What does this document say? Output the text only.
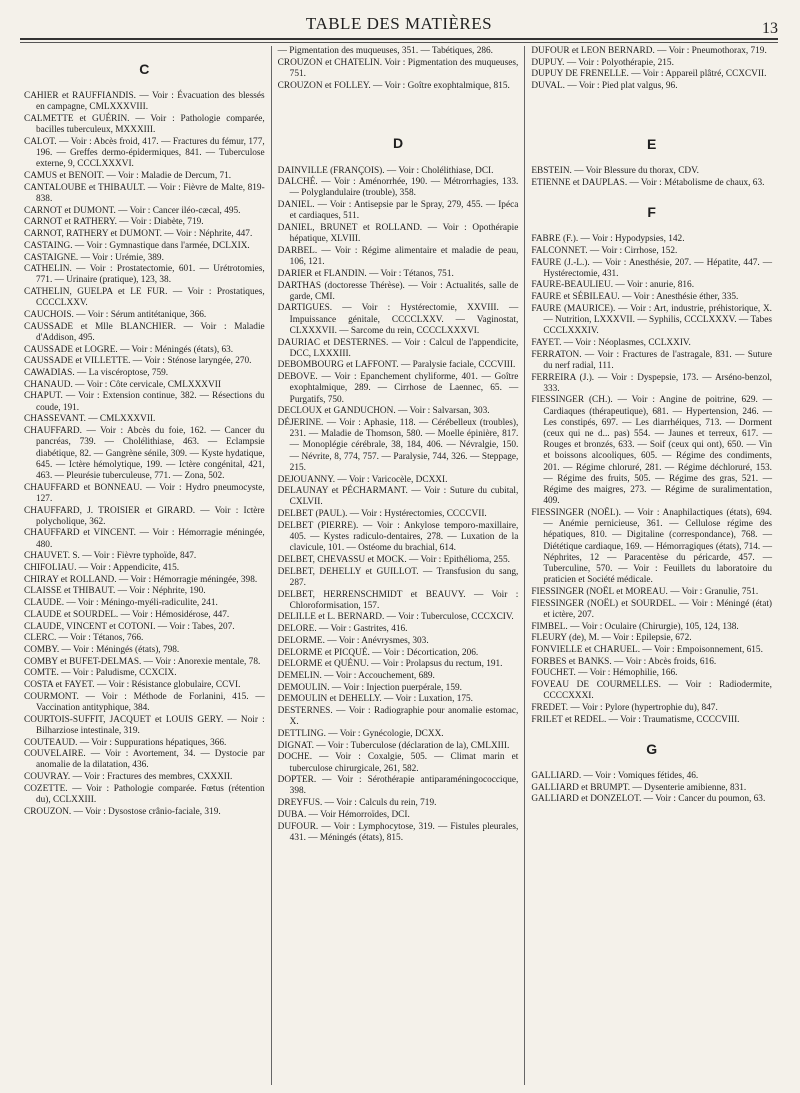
TABLE DES MATIÈRES	13
C
CAHIER et RAUFFIANDIS. — Voir : Évacuation des blessés en campagne, CMLXXXVIII.
CALMETTE et GUÉRIN. — Voir : Pathologie comparée, bacilles tuberculeux, MXXXIII.
CALOT. — Voir : Abcès froid, 417. — Fractures du fémur, 177, 196. — Greffes dermo-épidermiques, 841. — Tuberculose externe, 9, CCCLXXXVI.
CAMUS et BENOIT. — Voir : Maladie de Dercum, 71.
CANTALOUBE et THIBAULT. — Voir : Fièvre de Malte, 819-838.
CARNOT et DUMONT. — Voir : Cancer iléo-cæcal, 495.
CARNOT et RATHERY. — Voir : Diabète, 719.
CARNOT, RATHERY et DUMONT. — Voir : Néphrite, 447.
CASTAING. — Voir : Gymnastique dans l'armée, DCLXIX.
CASTAIGNE. — Voir : Urémie, 389.
CATHELIN. — Voir : Prostatectomie, 601. — Urétrotomies, 771. — Urinaire (pratique), 123, 38.
CATHELIN, GUELPA et LE FUR. — Voir : Prostatiques, CCCCLXXV.
CAUCHOIS. — Voir : Sérum antitétanique, 366.
CAUSSADE et Mlle BLANCHIER. — Voir : Maladie d'Addison, 495.
CAUSSADE et LOGRE. — Voir : Méningés (états), 63.
CAUSSADE et VILLETTE. — Voir : Sténose laryngée, 270.
CAWADIAS. — La viscéroptose, 759.
CHANAUD. — Voir : Côte cervicale, CMLXXXVII
CHAPUT. — Voir : Extension continue, 382. — Résections du coude, 191.
CHASSEVANT. — CMLXXXVII.
CHAUFFARD. — Voir : Abcès du foie, 162. — Cancer du pancréas, 739. — Cholélithiase, 463. — Eclampsie diabétique, 82. — Gangrène sénile, 309. — Kyste hydatique, 645. — Ictère hémolytique, 199. — Ictère congénital, 421, 463. — Pleurésie tuberculeuse, 771. — Zona, 502.
CHAUFFARD et BONNEAU. — Voir : Hydro pneumocyste, 127.
CHAUFFARD, J. TROISIER et GIRARD. — Voir : Ictère polycholique, 362.
CHAUFFARD et VINCENT. — Voir : Hémorragie méningée, 480.
CHAUVET. S. — Voir : Fièvre typhoïde, 847.
CHIFOLIAU. — Voir : Appendicite, 415.
CHIRAY et ROLLAND. — Voir : Hémorragie méningée, 398.
CLAISSE et THIBAUT. — Voir : Néphrite, 190.
CLAUDE. — Voir : Méningo-myéli-radiculite, 241.
CLAUDE et SOURDEL. — Voir : Hémosidérose, 447.
CLAUDE, VINCENT et COTONI. — Voir : Tabes, 207.
CLERC. — Voir : Tétanos, 766.
COMBY. — Voir : Méningés (états), 798.
COMBY et BUFET-DELMAS. — Voir : Anorexie mentale, 78.
COMTE. — Voir : Paludisme, CCXCIX.
COSTA et FAYET. — Voir : Résistance globulaire, CCVI.
COURMONT. — Voir : Méthode de Forlanini, 415. — Vaccination antityphique, 384.
COURTOIS-SUFFIT, JACQUET et LOUIS GERY. — Noir : Bilharziose intestinale, 319.
COUTEAUD. — Voir : Suppurations hépatiques, 366.
COUVELAIRE. — Voir : Avortement, 34. — Dystocie par anomalie de la dilatation, 436.
COUVRAY. — Voir : Fractures des membres, CXXXII.
COZETTE. — Voir : Pathologie comparée. Fœtus (rétention du), CCLXXIII.
CROUZON. — Voir : Dysostose crânio-faciale, 319.
— Pigmentation des muqueuses, 351. — Tabétiques, 286.
CROUZON et CHATELIN. Voir : Pigmentation des muqueuses, 751.
CROUZON et FOLLEY. — Voir : Goître exophtalmique, 815.
D
DAINVILLE (FRANÇOIS). — Voir : Cholélithiase, DCI.
DALCHÉ. — Voir : Aménorrhée, 190. — Métrorrhagies, 133. — Polyglandulaire (trouble), 358.
DANIEL. — Voir : Antisepsie par le Spray, 279, 455. — Ipéca et cardiaques, 511.
DANIEL, BRUNET et ROLLAND. — Voir : Opothérapie hépatique, XLVIII.
DARBEL. — Voir : Régime alimentaire et maladie de peau, 106, 121.
DARIER et FLANDIN. — Voir : Tétanos, 751.
DARTHAS (doctoresse Thérèse). — Voir : Actualités, salle de garde, CMI.
DARTIGUES. — Voir : Hystérectomie, XXVIII. — Impuissance génitale, CCCCLXXV. — Vaginostat, CLXXXVII. — Sarcome du rein, CCCCLXXXVI.
DAURIAC et DESTERNES. — Voir : Calcul de l'appendicite, DCC, LXXXIII.
DEBOMBOURG et LAFFONT. — Paralysie faciale, CCCVIII.
DEBOVE. — Voir : Epanchement chyliforme, 401. — Goître exophtalmique, 289. — Cirrhose de Laennec, 65. — Purgatifs, 750.
DECLOUX et GANDUCHON. — Voir : Salvarsan, 303.
DÉJERINE. — Voir : Aphasie, 118. — Cérébelleux (troubles), 231. — Maladie de Thomson, 580. — Moelle épinière, 817. — Monoplégie cérébrale, 38, 184, 406. — Névralgie, 150. — Névrite, 8, 774, 757. — Paralysie, 744, 326. — Steppage, 215.
DEJOUANNY. — Voir : Varicocèle, DCXXI.
DELAUNAY et PÉCHARMANT. — Voir : Suture du cubital, CXLVII.
DELBET (PAUL). — Voir : Hystérectomies, CCCCVII.
DELBET (PIERRE). — Voir : Ankylose temporo-maxillaire, 405. — Kystes radiculo-dentaires, 278. — Luxation de la clavicule, 101. — Ostéome du brachial, 614.
DELBET, CHEVASSU et MOCK. — Voir : Epithélioma, 255.
DELBET, DEHELLY et GUILLOT. — Transfusion du sang, 287.
DELBET, HERRENSCHMIDT et BEAUVY. — Voir : Chloroformisation, 157.
DELILLE et L. BERNARD. — Voir : Tuberculose, CCCXCIV.
DELORE. — Voir : Gastrites, 416.
DELORME. — Voir : Anévrysmes, 303.
DELORME et PICQUÉ. — Voir : Décortication, 206.
DELORME et QUÉNU. — Voir : Prolapsus du rectum, 191.
DEMELIN. — Voir : Accouchement, 689.
DEMOULIN. — Voir : Injection puerpérale, 159.
DEMOULIN et DEHELLY. — Voir : Luxation, 175.
DESTERNES. — Voir : Radiographie pour anomalie estomac, X.
DETTLING. — Voir : Gynécologie, DCXX.
DIGNAT. — Voir : Tuberculose (déclaration de la), CMLXIII.
DOCHE. — Voir : Coxalgie, 505. — Climat marin et tuberculose chirurgicale, 261, 582.
DOPTER. — Voir : Sérothérapie antiparaméningococcique, 398.
DREYFUS. — Voir : Calculs du rein, 719.
DUBA. — Voir Hémorroïdes, DCI.
DUFOUR. — Voir : Lymphocytose, 319. — Fistules pleurales, 431. — Méningés (états), 815.
DUFOUR et LÉON BERNARD. — Voir : Pneumothorax, 719.
DUPUY. — Voir : Polyothérapie, 215.
DUPUY DE FRENELLE. — Voir : Appareil plâtré, CCXCVII.
DUVAL. — Voir : Pied plat valgus, 96.
E
EBSTEIN. — Voir Blessure du thorax, CDV.
ETIENNE et DAUPLAS. — Voir : Métabolisme de chaux, 63.
F
FABRE (F.). — Voir : Hypodypsies, 142.
FALCONNET. — Voir : Cirrhose, 152.
FAURE (J.-L.). — Voir : Anesthésie, 207. — Hépatite, 447. — Hystérectomie, 431.
FAURE-BEAULIEU. — Voir : anurie, 816.
FAURE et SÉBILEAU. — Voir : Anesthésie éther, 335.
FAURE (MAURICE). — Voir : Art, industrie, préhistorique, X. — Nutrition, LXXXVII. — Syphilis, CCCLXXXV. — Tabes CCCLXXXIV.
FAYET. — Voir : Néoplasmes, CCLXXIV.
FERRATON. — Voir : Fractures de l'astragale, 831. — Suture du nerf radial, 111.
FERREIRA (J.). — Voir : Dyspepsie, 173. — Arséno-benzol, 333.
FIESSINGER (CH.). — Voir : Angine de poitrine, 629. — Cardiaques (thérapeutique), 681. — Hypertension, 246. — Les constipés, 697. — Les diarrhéiques, 713. — Dorment (ceux qui ne d... pas) 554. — Jaunes et terreux, 617. — Rouges et bronzés, 633. — Soif (ceux qui ont), 650. — Vin et boissons alcooliques, 605. — Régime des condiments, 201. — Régime chloruré, 281. — Régime déchloruré, 153. — Régime des fruits, 505. — Régime des gras, 521. — Régime des maigres, 273. — Régime de suralimentation, 409.
FIESSINGER (NOËL). — Voir : Anaphilactiques (états), 694. — Anémie pernicieuse, 361. — Cellulose régime des hépatiques, 810. — Digitaline (correspondance), 768. — Diététique cardiaque, 169. — Hémorragiques (états), 714. — Néphrites, 12 — Paracentèse du péricarde, 457. — Tuberculine, 570. — Voir : Feuillets du laboratoire du praticien et Société médicale.
FIESSINGER (NOËL et MOREAU. — Voir : Granulie, 751.
FIESSINGER (NOËL) et SOURDEL. — Voir : Méningé (état) et ictère, 207.
FIMBEL. — Voir : Oculaire (Chirurgie), 105, 124, 138.
FLEURY (de), M. — Voir : Epilepsie, 672.
FONVIELLE et CHARUEL. — Voir : Empoisonnement, 615.
FORBES et BANKS. — Voir : Abcès froids, 616.
FOUCHET. — Voir : Hémophilie, 166.
FOVEAU DE COURMELLES. — Voir : Radiodermite, CCCCXXXI.
FREDET. — Voir : Pylore (hypertrophie du), 847.
FRILET et REDEL. — Voir : Traumatisme, CCCCVIII.
G
GALLIARD. — Voir : Vomiques fétides, 46.
GALLIARD et BRUMPT. — Dysenterie amibienne, 831.
GALLIARD et DONZELOT. — Voir : Cancer du poumon, 63.
